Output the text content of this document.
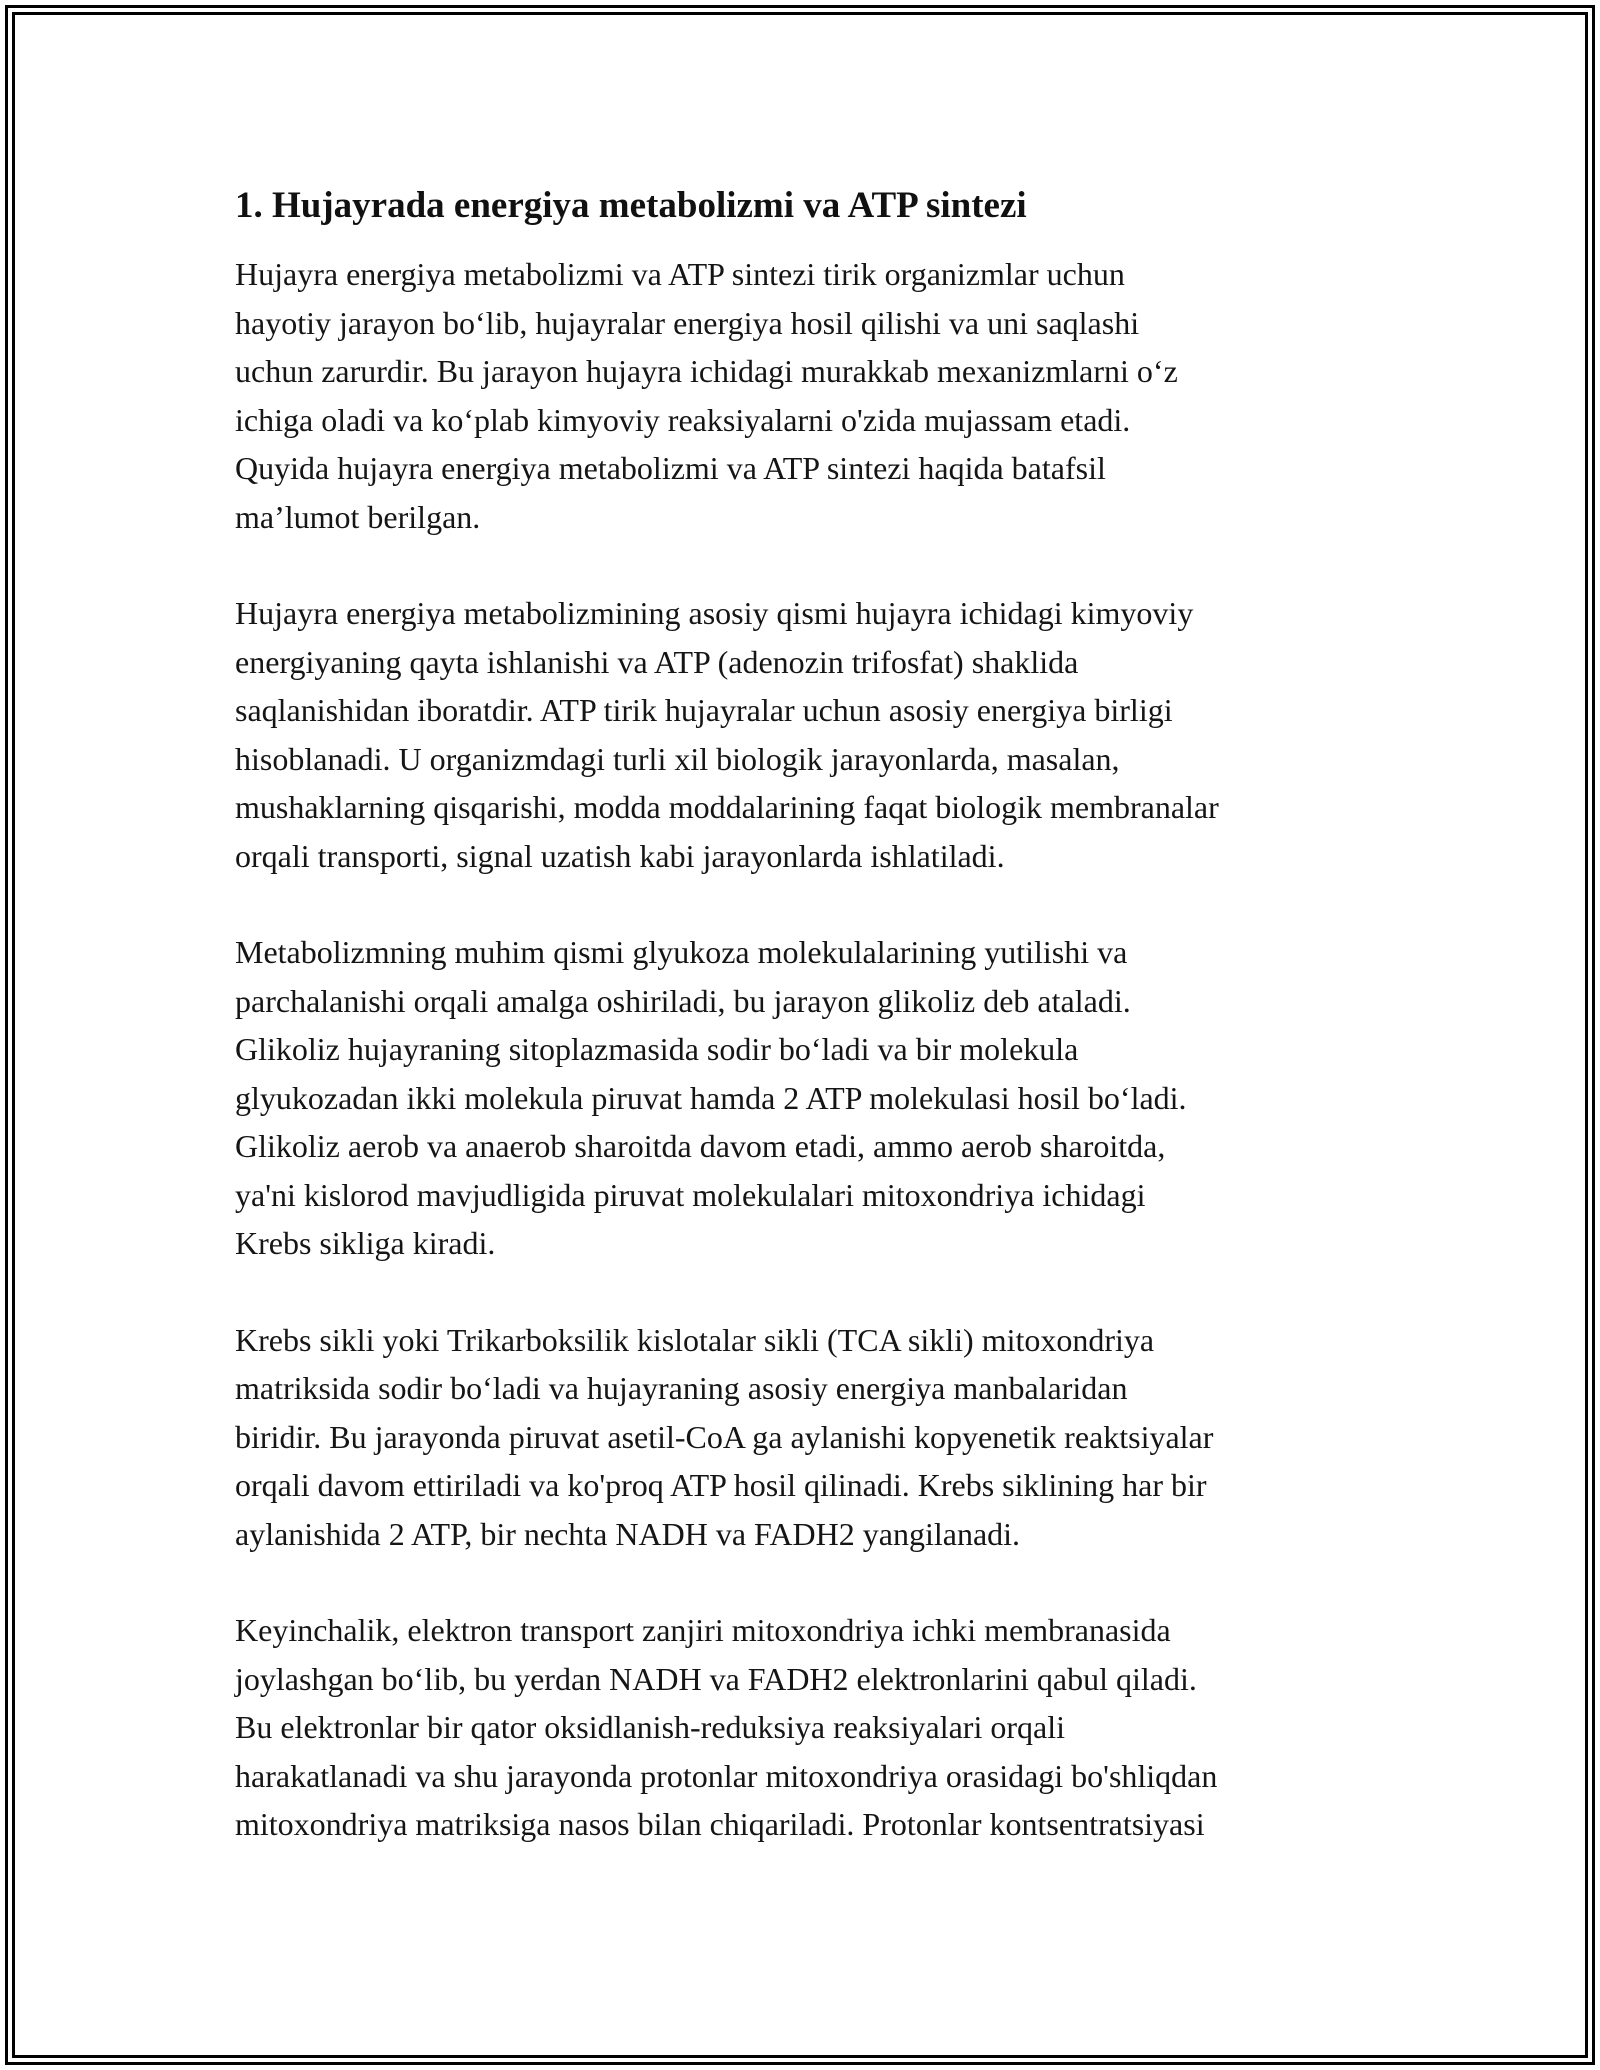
1. Hujayrada energiya metabolizmi va ATP sintezi
Hujayra energiya metabolizmi va ATP sintezi tirik organizmlar uchun
hayotiy jarayon bo‘lib, hujayralar energiya hosil qilishi va uni saqlashi
uchun zarurdir. Bu jarayon hujayra ichidagi murakkab mexanizmlarni o‘z
ichiga oladi va ko‘plab kimyoviy reaksiyalarni o'zida mujassam etadi.
Quyida hujayra energiya metabolizmi va ATP sintezi haqida batafsil
ma’lumot berilgan.
Hujayra energiya metabolizmining asosiy qismi hujayra ichidagi kimyoviy
energiyaning qayta ishlanishi va ATP (adenozin trifosfat) shaklida
saqlanishidan iboratdir. ATP tirik hujayralar uchun asosiy energiya birligi
hisoblanadi. U organizmdagi turli xil biologik jarayonlarda, masalan,
mushaklarning qisqarishi, modda moddalarining faqat biologik membranalar
orqali transporti, signal uzatish kabi jarayonlarda ishlatiladi.
Metabolizmning muhim qismi glyukoza molekulalarining yutilishi va
parchalanishi orqali amalga oshiriladi, bu jarayon glikoliz deb ataladi.
Glikoliz hujayraning sitoplazmasida sodir bo‘ladi va bir molekula
glyukozadan ikki molekula piruvat hamda 2 ATP molekulasi hosil bo‘ladi.
Glikoliz aerob va anaerob sharoitda davom etadi, ammo aerob sharoitda,
ya'ni kislorod mavjudligida piruvat molekulalari mitoxondriya ichidagi
Krebs sikliga kiradi.
Krebs sikli yoki Trikarboksilik kislotalar sikli (TCA sikli) mitoxondriya
matriksida sodir bo‘ladi va hujayraning asosiy energiya manbalaridan
biridir. Bu jarayonda piruvat asetil-CoA ga aylanishi kopyenetik reaktsiyalar
orqali davom ettiriladi va ko'proq ATP hosil qilinadi. Krebs siklining har bir
aylanishida 2 ATP, bir nechta NADH va FADH2 yangilanadi.
Keyinchalik, elektron transport zanjiri mitoxondriya ichki membranasida
joylashgan bo‘lib, bu yerdan NADH va FADH2 elektronlarini qabul qiladi.
Bu elektronlar bir qator oksidlanish-reduksiya reaksiyalari orqali
harakatlanadi va shu jarayonda protonlar mitoxondriya orasidagi bo'shliqdan
mitoxondriya matriksiga nasos bilan chiqariladi. Protonlar kontsentratsiyasi
